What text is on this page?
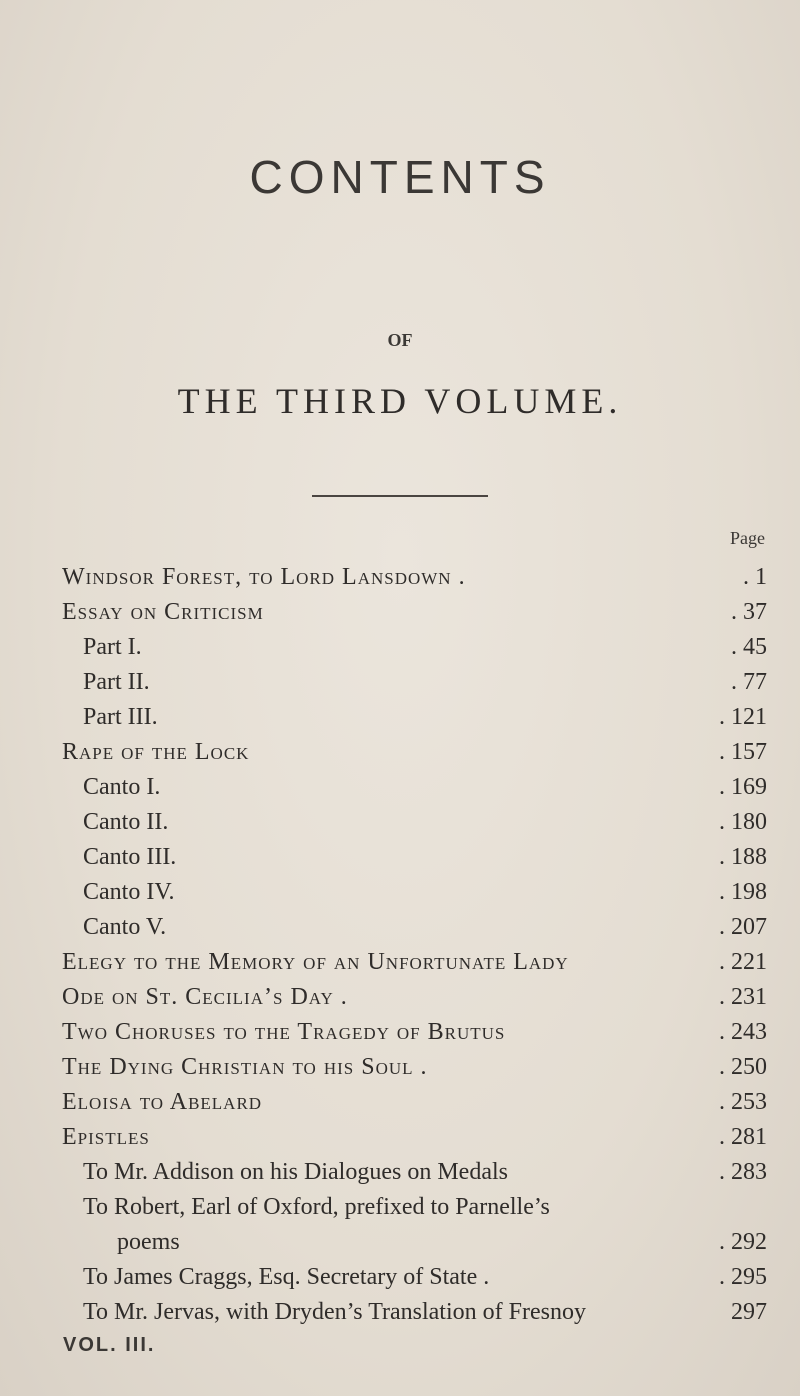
CONTENTS
OF
THE THIRD VOLUME.
Page
Windsor Forest, to Lord Lansdown .	. 1
Essay on Criticism	. 37
Part I.	. 45
Part II.	. 77
Part III.	. 121
Rape of the Lock	. 157
Canto I.	. 169
Canto II.	. 180
Canto III.	. 188
Canto IV.	. 198
Canto V.	. 207
Elegy to the Memory of an Unfortunate Lady	. 221
Ode on St. Cecilia’s Day .	. 231
Two Choruses to the Tragedy of Brutus	. 243
The Dying Christian to his Soul .	. 250
Eloisa to Abelard	. 253
Epistles	. 281
To Mr. Addison on his Dialogues on Medals	. 283
To Robert, Earl of Oxford, prefixed to Parnelle’s
poems	. 292
To James Craggs, Esq. Secretary of State .	. 295
To Mr. Jervas, with Dryden’s Translation of Fresnoy	297
VOL. III.
